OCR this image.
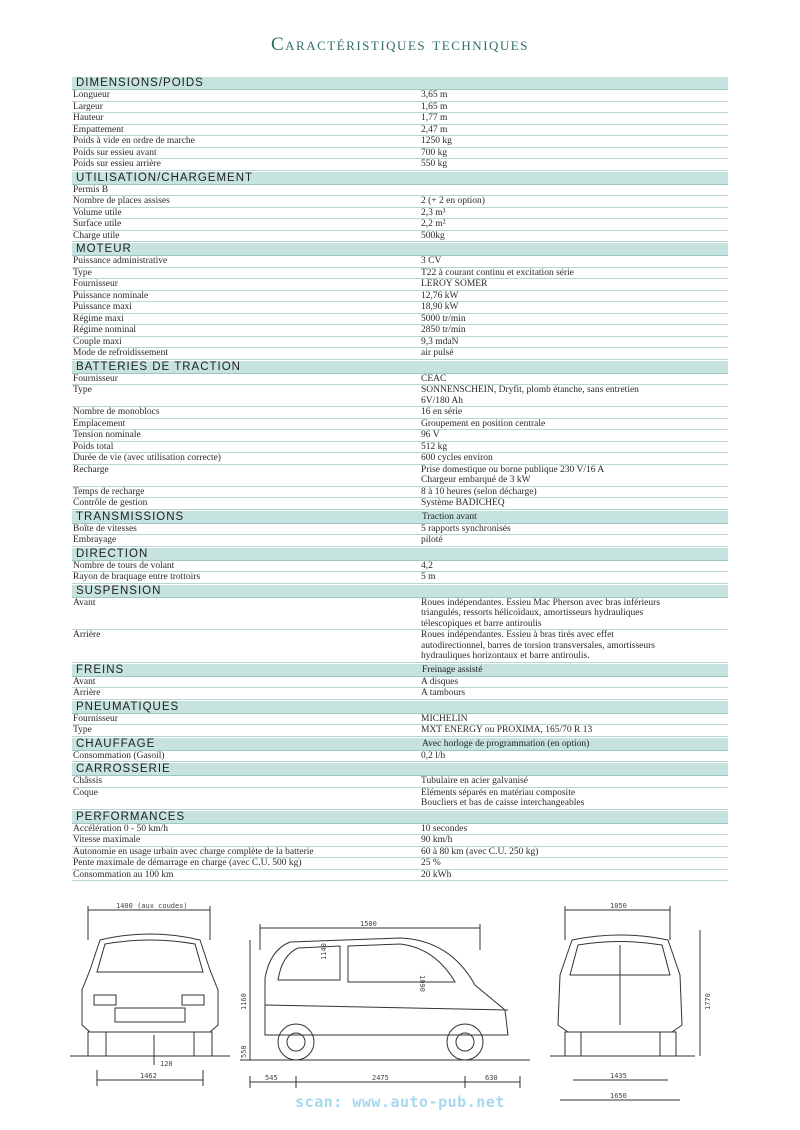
Caractéristiques techniques
DIMENSIONS/POIDS
Longueur	3,65 m
Largeur	1,65 m
Hauteur	1,77 m
Empattement	2,47 m
Poids à vide en ordre de marche	1250 kg
Poids sur essieu avant	700 kg
Poids sur essieu arrière	550 kg
UTILISATION/CHARGEMENT
Permis B

Nombre de places assises	2 (+ 2 en option)
Volume utile	2,3 m³
Surface utile	2,2 m²
Charge utile	500kg
MOTEUR
Puissance administrative	3 CV
Type	T22 à courant continu et excitation série
Fournisseur	LEROY SOMER
Puissance nominale	12,76 kW
Puissance maxi	18,90 kW
Régime maxi	5000 tr/min
Régime nominal	2850 tr/min
Couple maxi	9,3 mdaN
Mode de refroidissement	air pulsé
BATTERIES DE TRACTION
Fournisseur	CEAC
Type	SONNENSCHEIN, Dryfit, plomb étanche, sans entretien
6V/180 Ah
Nombre de monoblocs	16 en série
Emplacement	Groupement en position centrale
Tension nominale	96 V
Poids total	512 kg
Durée de vie (avec utilisation correcte)	600 cycles environ
Recharge	Prise domestique ou borne publique 230 V/16 A
Chargeur embarqué de 3 kW
Temps de recharge	8 à 10 heures (selon décharge)
Contrôle de gestion	Système BADICHEQ
TRANSMISSIONS	Traction avant
Boîte de vitesses	5 rapports synchronisés
Embrayage	piloté
DIRECTION
Nombre de tours de volant	4,2
Rayon de braquage entre trottoirs	5 m
SUSPENSION
Avant	Roues indépendantes. Essieu Mac Pherson avec bras inférieurs
triangulés, ressorts hélicoïdaux, amortisseurs hydrauliques
télescopiques et barre antiroulis
Arrière	Roues indépendantes. Essieu à bras tirés avec effet
autodirectionnel, barres de torsion transversales, amortisseurs
hydrauliques horizontaux et barre antiroulis.
FREINS	Freinage assisté
Avant	A disques
Arrière	A tambours
PNEUMATIQUES
Fournisseur	MICHELIN
Type	MXT ENERGY ou PROXIMA, 165/70 R 13
CHAUFFAGE	Avec horloge de programmation (en option)
Consommation (Gasoil)	0,2 l/h
CARROSSERIE
Châssis	Tubulaire en acier galvanisé
Coque	Eléments séparés en matériau composite
Boucliers et bas de caisse interchangeables
PERFORMANCES
Accélération 0 - 50 km/h	10 secondes
Vitesse maximale	90 km/h
Autonomie en usage urbain avec charge complète de la batterie	60 à 80 km (avec C.U. 250 kg)
Pente maximale de démarrage en charge (avec C.U. 500 kg)	25 %
Consommation au 100 km	20 kWh
1400 (aux coudes)
120
1462
1500
1140
1090
1160
550
545	2475	630
1050
1770
1435
1650
scan: www.auto-pub.net
